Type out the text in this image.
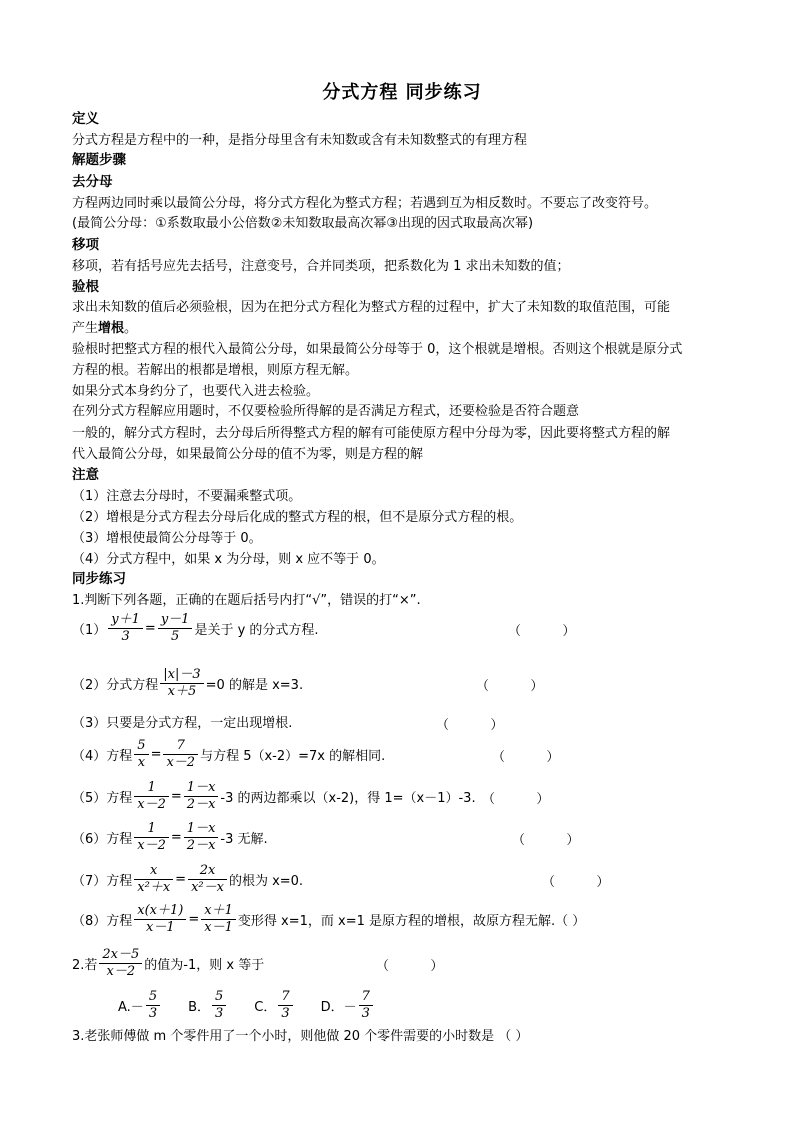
分式方程 同步练习
定义
分式方程是方程中的一种，是指分母里含有未知数或含有未知数整式的有理方程
解题步骤
去分母
方程两边同时乘以最简公分母，将分式方程化为整式方程；若遇到互为相反数时。不要忘了改变符号。
(最简公分母：①系数取最小公倍数②未知数取最高次幂③出现的因式取最高次幂)
移项
移项，若有括号应先去括号，注意变号，合并同类项，把系数化为 1 求出未知数的值；
验根
求出未知数的值后必须验根，因为在把分式方程化为整式方程的过程中，扩大了未知数的取值范围，可能
产生增根。
验根时把整式方程的根代入最简公分母，如果最简公分母等于 0，这个根就是增根。否则这个根就是原分式
方程的根。若解出的根都是增根，则原方程无解。
如果分式本身约分了，也要代入进去检验。
在列分式方程解应用题时，不仅要检验所得解的是否满足方程式，还要检验是否符合题意
一般的，解分式方程时，去分母后所得整式方程的解有可能使原方程中分母为零，因此要将整式方程的解
代入最简公分母，如果最简公分母的值不为零，则是方程的解
注意
（1）注意去分母时，不要漏乘整式项。
（2）增根是分式方程去分母后化成的整式方程的根，但不是原分式方程的根。
（3）增根使最简公分母等于 0。
（4）分式方程中，如果 x 为分母，则 x 应不等于 0。
同步练习
1.判断下列各题，正确的在题后括号内打“√”，错误的打“×”.
$(1) \frac{y+1}{3} = \frac{y-1}{5}$ 是关于 y 的分式方程.	（          ）
（2）分式方程 $\frac{|x|-3}{x+5} =0$ 的解是 x=3.	（          ）
（3）只要是分式方程，一定出现增根.	（          ）
（4）方程 $\frac{5}{x} = \frac{7}{x-2}$ 与方程 5（x-2）=7x 的解相同.	（          ）
（5）方程 $\frac{1}{x-2} = \frac{1-x}{2-x} -3$ 的两边都乘以（x-2)，得 1=（x－1）-3. （          ）
（6）方程 $\frac{1}{x-2} = \frac{1-x}{2-x} -3$ 无解.	（          ）
（7）方程 $\frac{x}{\text{x²＋x}} = \frac{2x}{\text{x²－x}}$ 的根为 x=0.	（          ）
（8）方程 $\frac{x(x+1)}{x-1} = \frac{x+1}{x-1}$ 变形得 x=1，而 x=1 是原方程的增根，故原方程无解. （ ）
2.若 $\frac{2x-5}{x-2}$ 的值为-1，则 x 等于	（          ）
$A.- \frac{5}{3}$ B． $\frac{5}{3}$ C． $\frac{7}{3}$ D．－ $\frac{7}{3}$
3.老张师傅做 m 个零件用了一个小时，则他做 20 个零件需要的小时数是 （ ）
